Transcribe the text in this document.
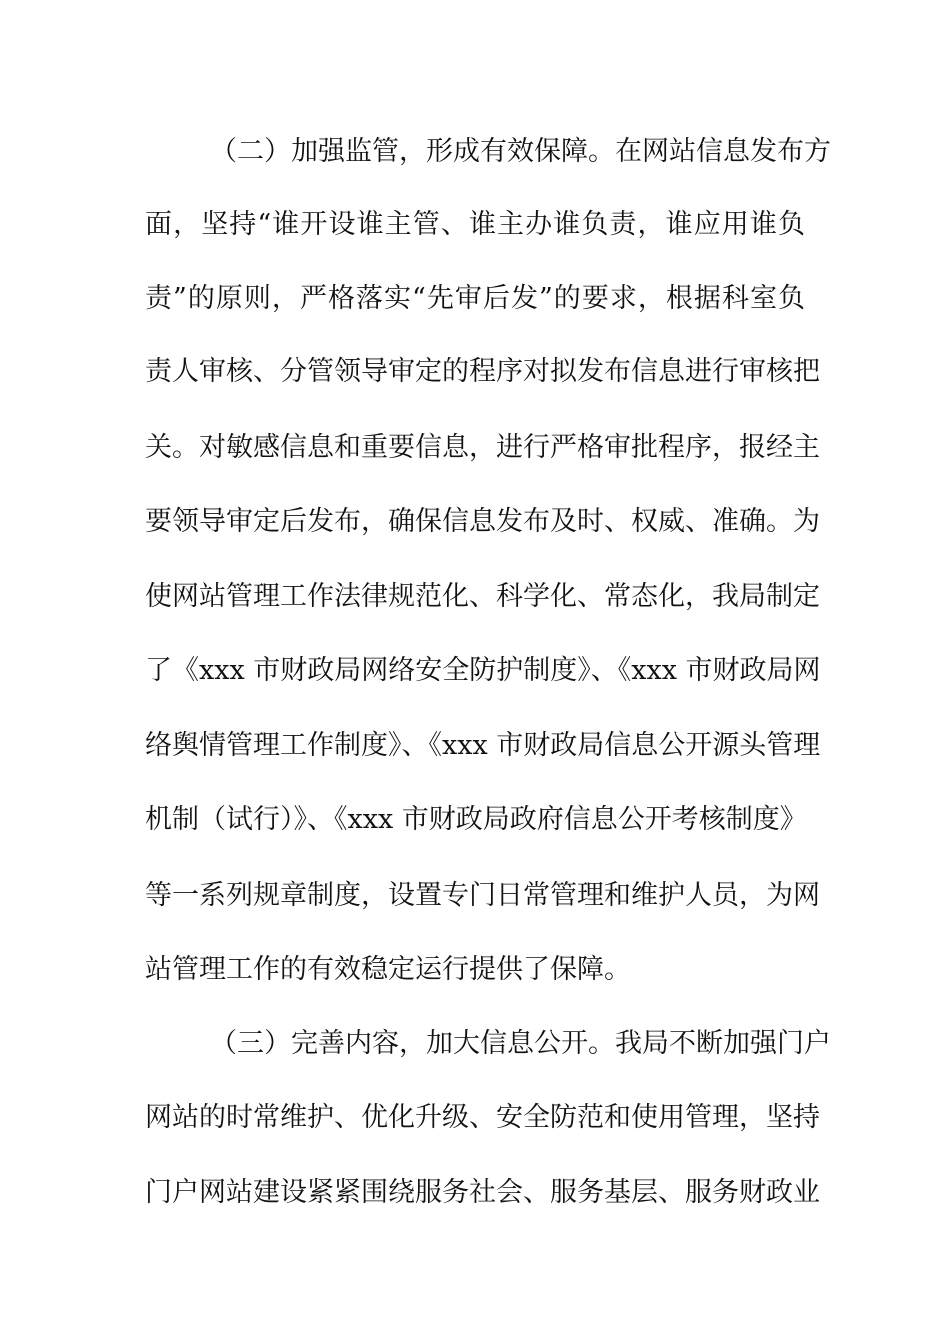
（二）加强监管，形成有效保障。在网站信息发布方
面，坚持“谁开设谁主管、谁主办谁负责，谁应用谁负
责”的原则，严格落实“先审后发”的要求，根据科室负
责人审核、分管领导审定的程序对拟发布信息进行审核把
关。对敏感信息和重要信息，进行严格审批程序，报经主
要领导审定后发布，确保信息发布及时、权威、准确。为
使网站管理工作法律规范化、科学化、常态化，我局制定
了《xxx 市财政局网络安全防护制度》、《xxx 市财政局网
络舆情管理工作制度》、《xxx 市财政局信息公开源头管理
机制（试行）》、《xxx 市财政局政府信息公开考核制度》
等一系列规章制度，设置专门日常管理和维护人员，为网
站管理工作的有效稳定运行提供了保障。
（三）完善内容，加大信息公开。我局不断加强门户
网站的时常维护、优化升级、安全防范和使用管理，坚持
门户网站建设紧紧围绕服务社会、服务基层、服务财政业
